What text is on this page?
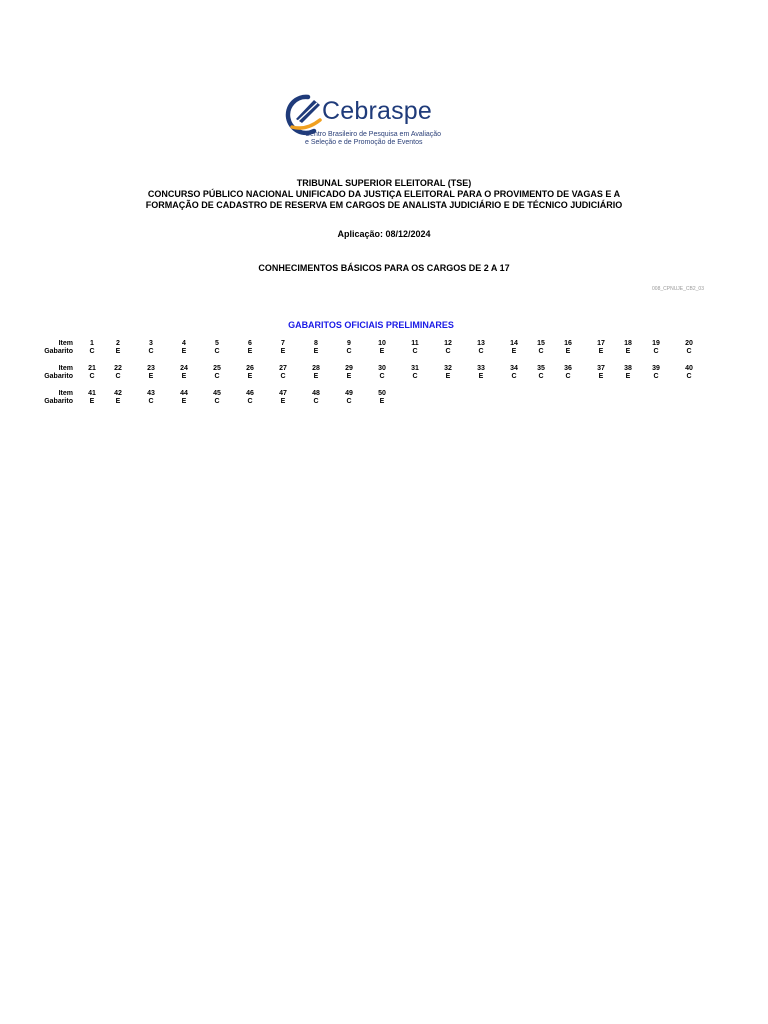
Cebraspe
Centro Brasileiro de Pesquisa em Avaliação
e Seleção e de Promoção de Eventos
TRIBUNAL SUPERIOR ELEITORAL (TSE)
CONCURSO PÚBLICO NACIONAL UNIFICADO DA JUSTIÇA ELEITORAL PARA O PROVIMENTO DE VAGAS E A
FORMAÇÃO DE CADASTRO DE RESERVA EM CARGOS DE ANALISTA JUDICIÁRIO E DE TÉCNICO JUDICIÁRIO
Aplicação: 08/12/2024
CONHECIMENTOS BÁSICOS PARA OS CARGOS DE 2 A 17
008_CPNUJE_CB2_03
GABARITOS OFICIAIS PRELIMINARES
Item	1	2	3	4	5	6	7	8	9	10	11	12	13	14	15	16	17	18	19	20
Gabarito	C	E	C	E	C	E	E	E	C	E	C	C	C	E	C	E	E	E	C	C
Item	21	22	23	24	25	26	27	28	29	30	31	32	33	34	35	36	37	38	39	40
Gabarito	C	C	E	E	C	E	C	E	E	C	C	E	E	C	C	C	E	E	C	C
Item	41	42	43	44	45	46	47	48	49	50
Gabarito	E	E	C	E	C	C	E	C	C	E
